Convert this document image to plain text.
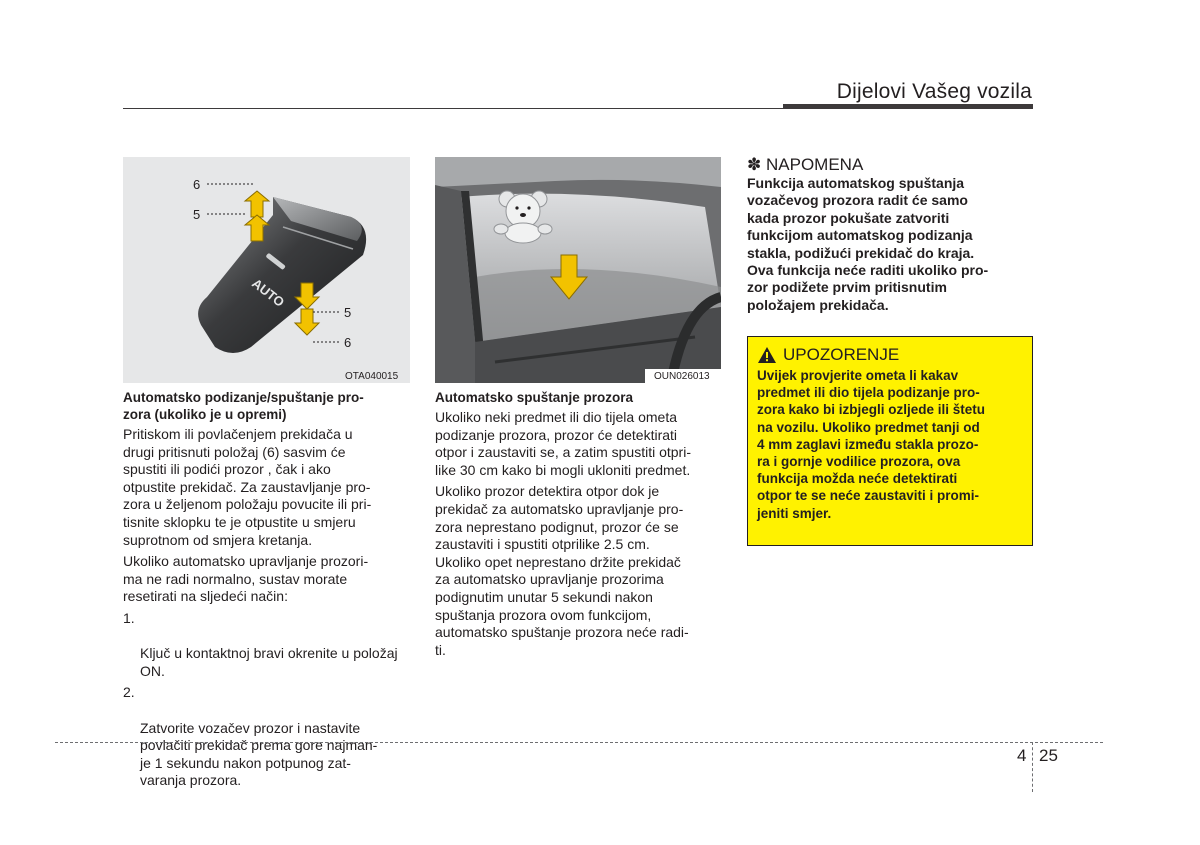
Dijelovi Vašeg vozila
AUTO
6
5
5
6
OTA040015	OUN026013
Automatsko podizanje/spuštanje pro-
zora (ukoliko je u opremi)

Pritiskom ili povlačenjem prekidača u
drugi pritisnuti položaj (6) sasvim će
spustiti ili podići prozor , čak i ako
otpustite prekidač. Za zaustavljanje pro-
zora u željenom položaju povucite ili pri-
tisnite sklopku te je otpustite u smjeru
suprotnom od smjera kretanja.

Ukoliko automatsko upravljanje prozori-
ma ne radi normalno, sustav morate
resetirati na sljedeći način:

1.

Ključ u kontaktnoj bravi okrenite u položaj
ON.

2.

Zatvorite vozačev prozor i nastavite
povlačiti prekidač prema gore najman-
je 1 sekundu nakon potpunog zat-
varanja prozora.

Automatsko spuštanje prozora

Ukoliko neki predmet ili dio tijela ometa
podizanje prozora, prozor će detektirati
otpor i zaustaviti se, a zatim spustiti otpri-
like 30 cm kako bi mogli ukloniti predmet.

Ukoliko prozor detektira otpor dok je
prekidač za automatsko upravljanje pro-
zora neprestano podignut, prozor će se
zaustaviti i spustiti otprilike 2.5 cm.
Ukoliko opet neprestano držite prekidač
za automatsko upravljanje prozorima
podignutim unutar 5 sekundi nakon
spuštanja prozora ovom funkcijom,
automatsko spuštanje prozora neće radi-
ti.

✽ NAPOMENA
Funkcija automatskog spuštanja
vozačevog prozora radit će samo
kada prozor pokušate zatvoriti
funkcijom automatskog podizanja
stakla, podižući prekidač do kraja.
Ova funkcija neće raditi ukoliko pro-
zor podižete prvim pritisnutim
položajem prekidača.
UPOZORENJE
Uvijek provjerite ometa li kakav
predmet ili dio tijela podizanje pro-
zora kako bi izbjegli ozljede ili štetu
na vozilu. Ukoliko predmet tanji od
4 mm zaglavi između stakla prozo-
ra i gornje vodilice prozora, ova
funkcija možda neće detektirati
otpor te se neće zaustaviti i promi-
jeniti smjer.
4 25
